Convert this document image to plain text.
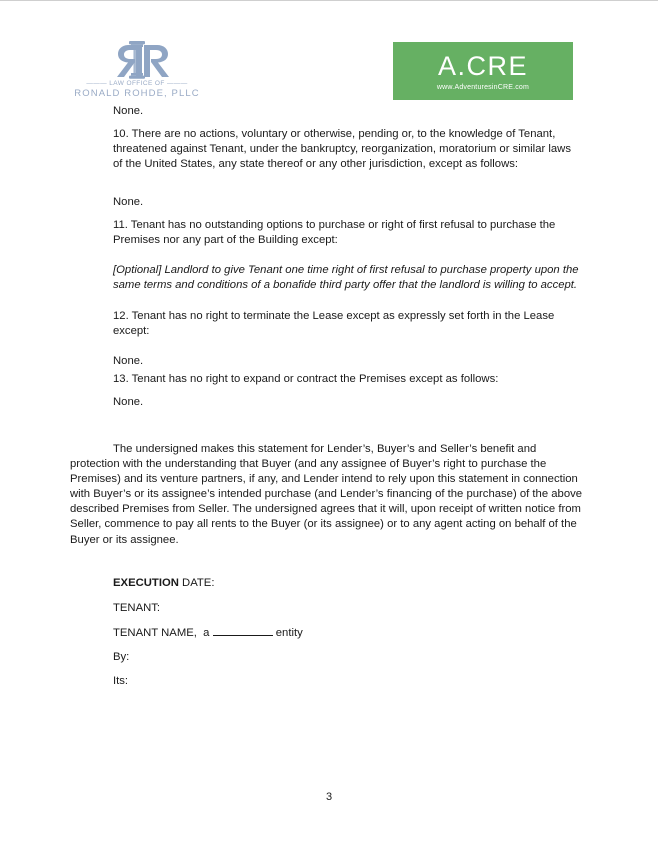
——— LAW OFFICE OF ———
RONALD ROHDE, PLLC
A.CRE
www.AdventuresinCRE.com
None.
10. There are no actions, voluntary or otherwise, pending or, to the knowledge of Tenant, threatened against Tenant, under the bankruptcy, reorganization, moratorium or similar laws of the United States, any state thereof or any other jurisdiction, except as follows:
None.
11. Tenant has no outstanding options to purchase or right of first refusal to purchase the Premises nor any part of the Building except:
[Optional] Landlord to give Tenant one time right of first refusal to purchase property upon the same terms and conditions of a bonafide third party offer that the landlord is willing to accept.
12. Tenant has no right to terminate the Lease except as expressly set forth in the Lease except:
None.
13. Tenant has no right to expand or contract the Premises except as follows:
None.
The undersigned makes this statement for Lender’s, Buyer’s and Seller’s benefit and protection with the understanding that Buyer (and any assignee of Buyer’s right to purchase the Premises) and its venture partners, if any, and Lender intend to rely upon this statement in connection with Buyer’s or its assignee’s intended purchase (and Lender’s financing of the purchase) of the above described Premises from Seller. The undersigned agrees that it will, upon receipt of written notice from Seller, commence to pay all rents to the Buyer (or its assignee) or to any agent acting on behalf of the Buyer or its assignee.
EXECUTION DATE:
TENANT:
TENANT NAME,  a	entity
By:
Its:
3
